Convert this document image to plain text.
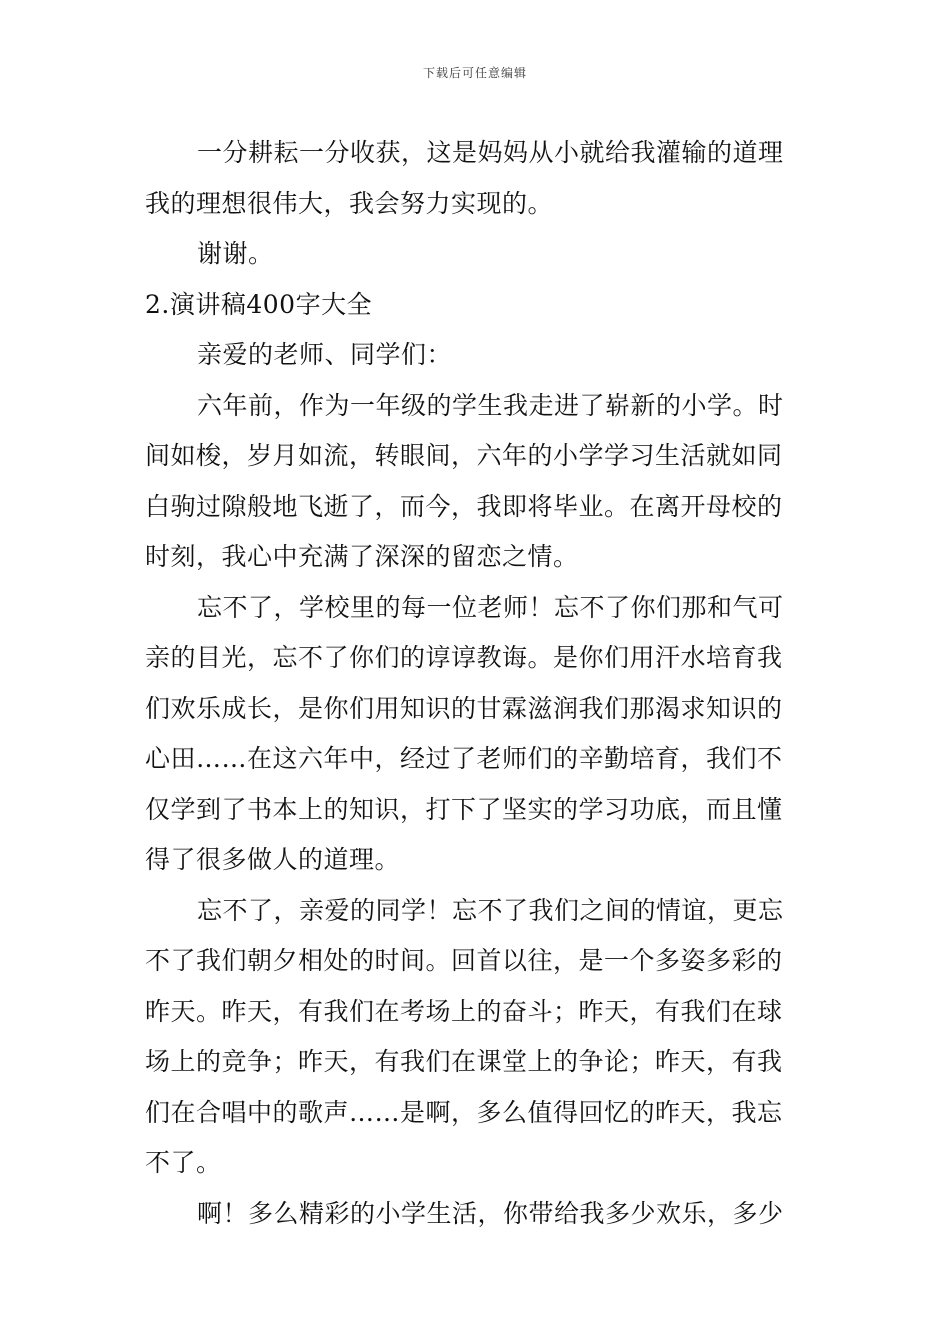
下载后可任意编辑
一分耕耘一分收获，这是妈妈从小就给我灌输的道理
我的理想很伟大，我会努力实现的。
谢谢。
2.演讲稿400字大全
亲爱的老师、同学们：
六年前，作为一年级的学生我走进了崭新的小学。时
间如梭，岁月如流，转眼间，六年的小学学习生活就如同
白驹过隙般地飞逝了，而今，我即将毕业。在离开母校的
时刻，我心中充满了深深的留恋之情。
忘不了，学校里的每一位老师！忘不了你们那和气可
亲的目光，忘不了你们的谆谆教诲。是你们用汗水培育我
们欢乐成长，是你们用知识的甘霖滋润我们那渴求知识的
心田……在这六年中，经过了老师们的辛勤培育，我们不
仅学到了书本上的知识，打下了坚实的学习功底，而且懂
得了很多做人的道理。
忘不了，亲爱的同学！忘不了我们之间的情谊，更忘
不了我们朝夕相处的时间。回首以往，是一个多姿多彩的
昨天。昨天，有我们在考场上的奋斗；昨天，有我们在球
场上的竞争；昨天，有我们在课堂上的争论；昨天，有我
们在合唱中的歌声……是啊，多么值得回忆的昨天，我忘
不了。
啊！多么精彩的小学生活，你带给我多少欢乐，多少
